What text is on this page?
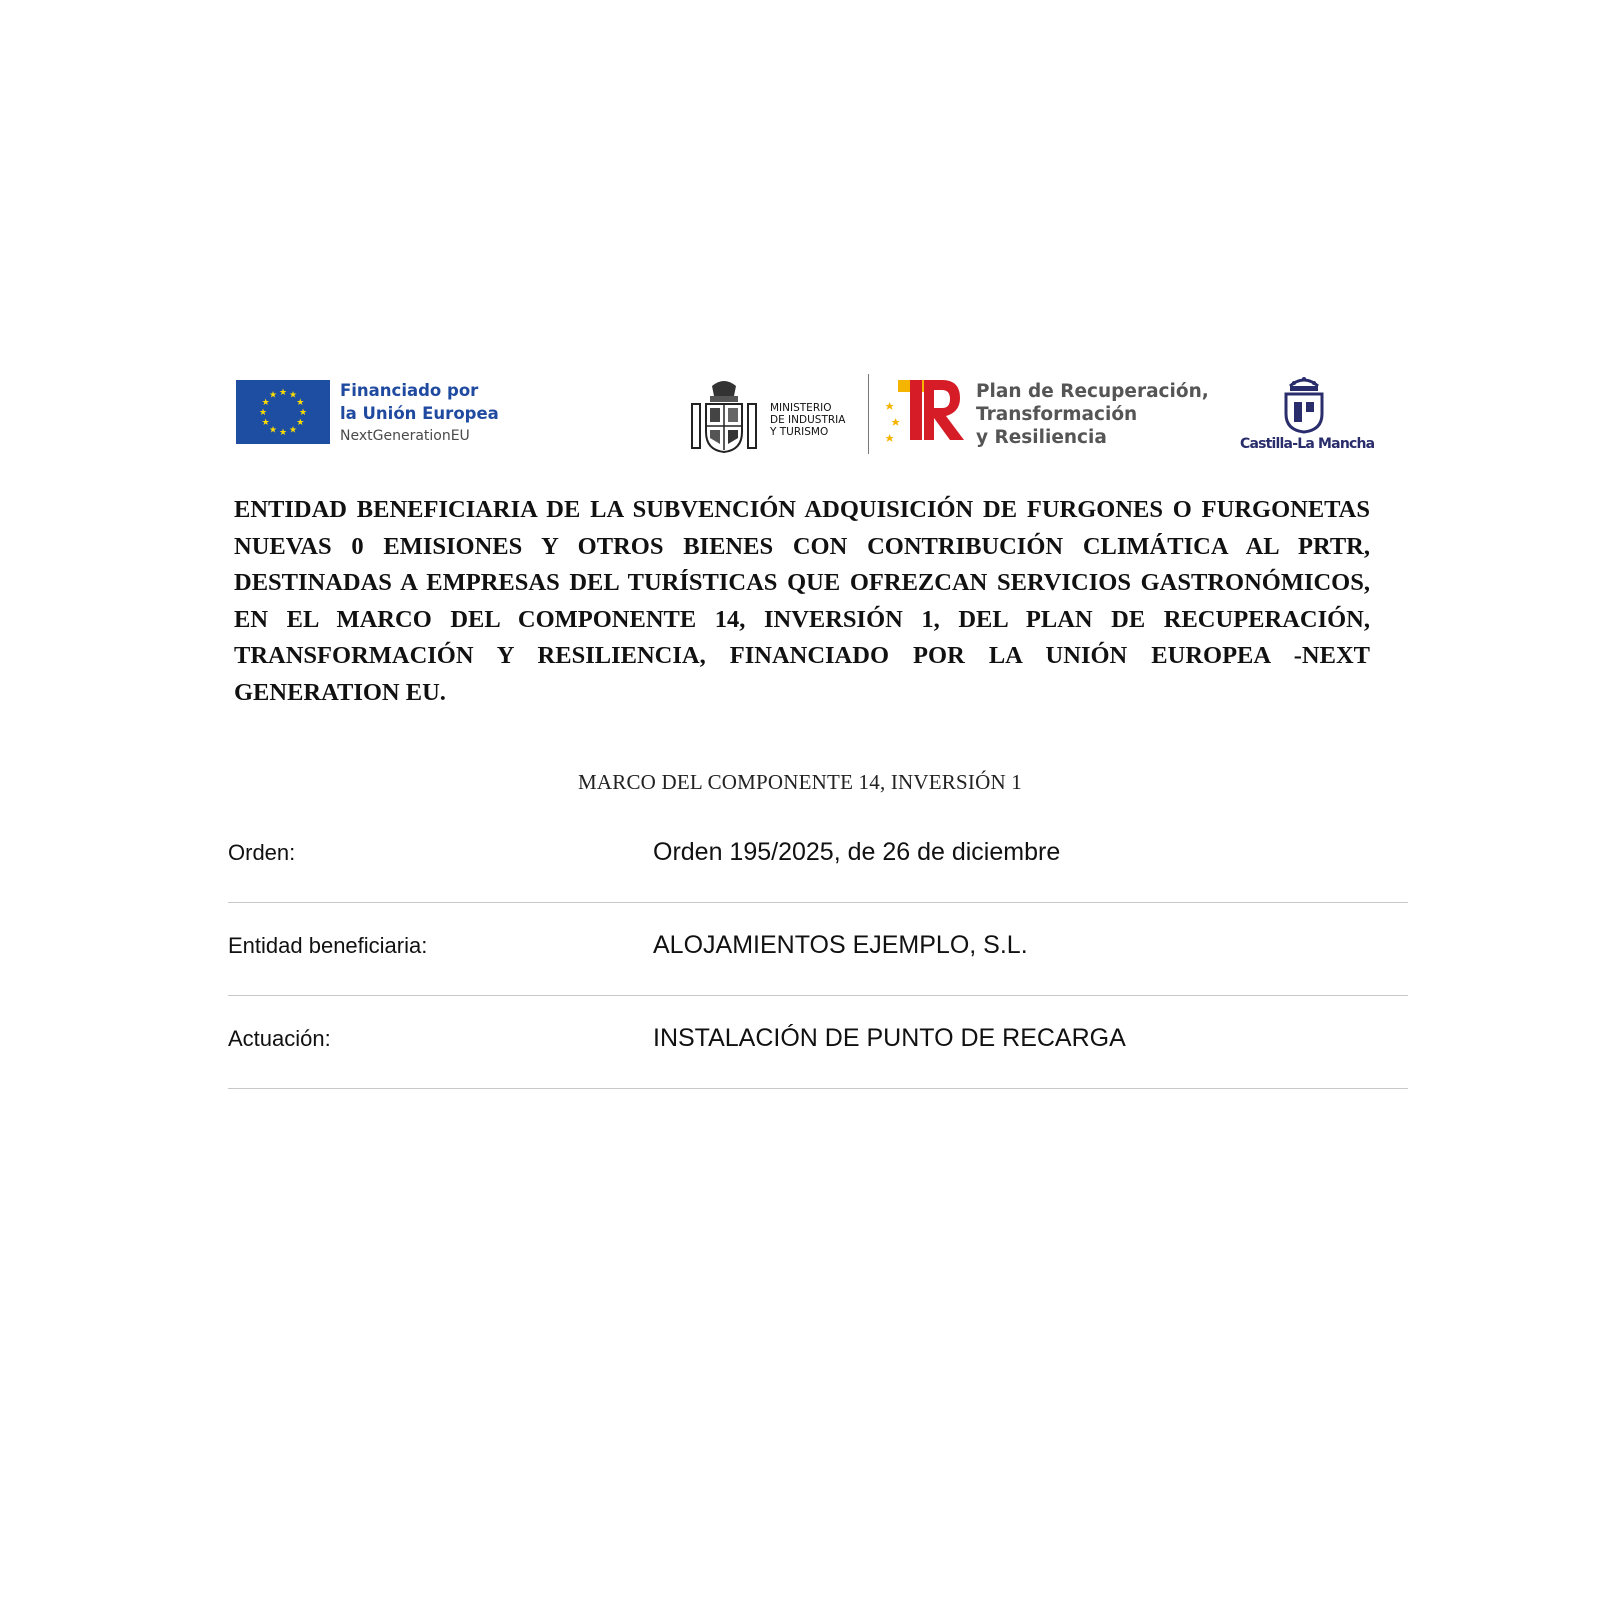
★
★
★
★
★
★
★
★
★ ★ ★
★
Financiado por
la Unión Europea
NextGenerationEU
MINISTERIO
DE INDUSTRIA
Y TURISMO
Plan de Recuperación,
Transformación
y Resiliencia	Castilla-La Mancha
ENTIDAD BENEFICIARIA DE LA SUBVENCIÓN ADQUISICIÓN DE FURGONES O FURGONETAS NUEVAS 0 EMISIONES Y OTROS BIENES CON CONTRIBUCIÓN CLIMÁTICA AL PRTR, DESTINADAS A EMPRESAS DEL TURÍSTICAS QUE OFREZCAN SERVICIOS GASTRONÓMICOS, EN EL MARCO DEL COMPONENTE 14, INVERSIÓN 1, DEL PLAN DE RECUPERACIÓN, TRANSFORMACIÓN Y RESILIENCIA, FINANCIADO POR LA UNIÓN EUROPEA -NEXT GENERATION EU.
MARCO DEL COMPONENTE 14, INVERSIÓN 1
Orden:	Orden 195/2025, de 26 de diciembre
Entidad beneficiaria:	ALOJAMIENTOS EJEMPLO, S.L.
Actuación:	INSTALACIÓN DE PUNTO DE RECARGA
